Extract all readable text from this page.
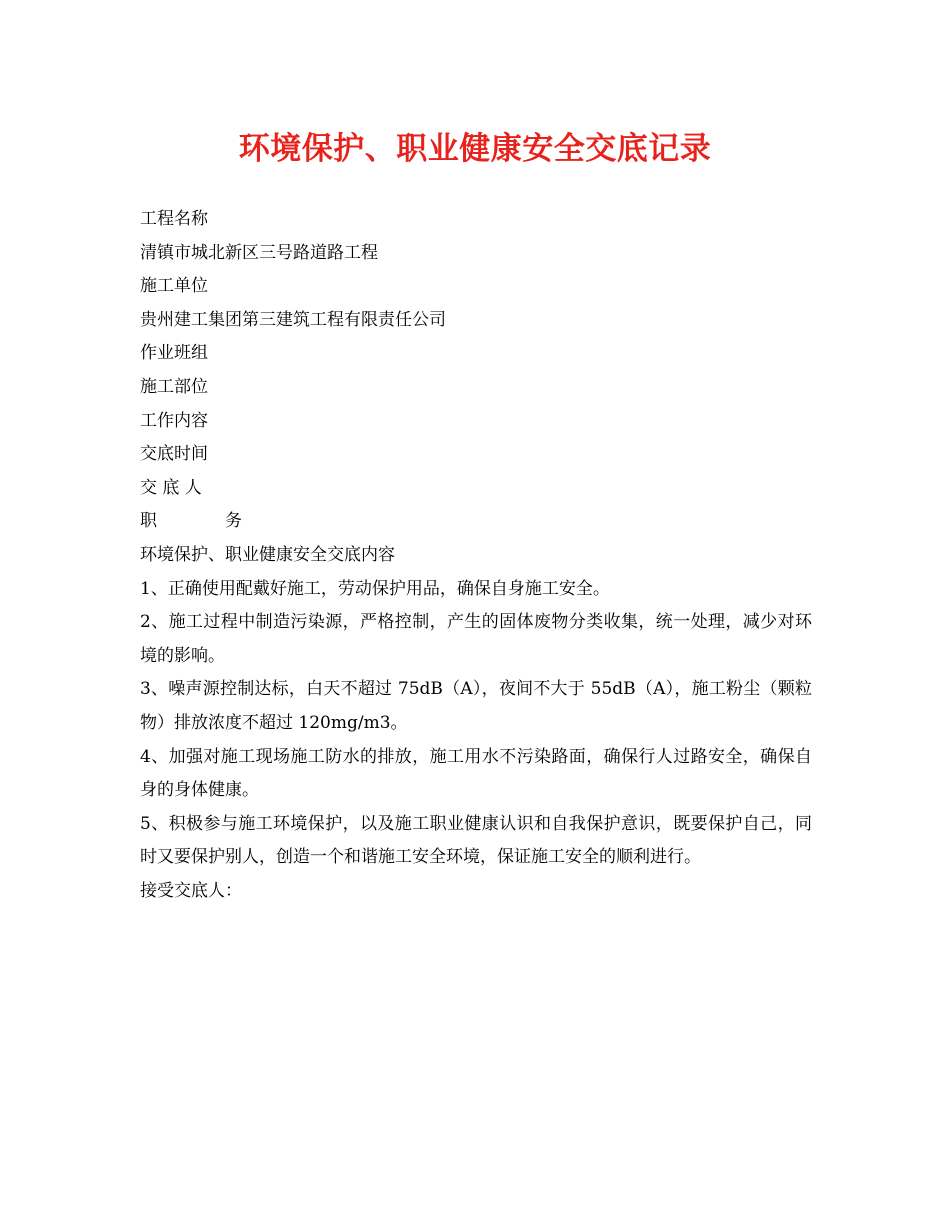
环境保护、职业健康安全交底记录
工程名称
清镇市城北新区三号路道路工程
施工单位
贵州建工集团第三建筑工程有限责任公司
作业班组
施工部位
工作内容
交底时间
交 底 人
职　　　　务
环境保护、职业健康安全交底内容
1、正确使用配戴好施工，劳动保护用品，确保自身施工安全。
2、施工过程中制造污染源，严格控制，产生的固体废物分类收集，统一处理，减少对环境的影响。
3、噪声源控制达标，白天不超过 75dB（A），夜间不大于 55dB（A），施工粉尘（颗粒物）排放浓度不超过 120mg/m3。
4、加强对施工现场施工防水的排放，施工用水不污染路面，确保行人过路安全，确保自身的身体健康。
5、积极参与施工环境保护，以及施工职业健康认识和自我保护意识，既要保护自己，同时又要保护别人，创造一个和谐施工安全环境，保证施工安全的顺利进行。
接受交底人：
